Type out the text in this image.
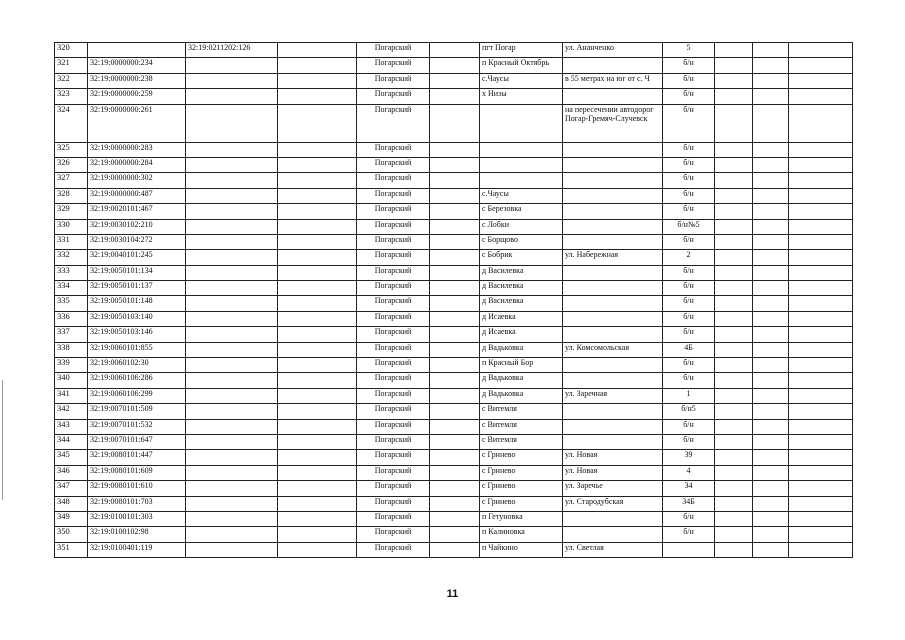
320		32:19:0211202:126		Погарский		пгт Погар	ул. Ананченко	5			
321	32:19:0000000:234			Погарский		п Красный Октябрь		б/н			
322	32:19:0000000:238			Погарский		с.Чаусы	в 55 метрах на юг от с. Ч	б/н			
323	32:19:0000000:259			Погарский		х Низы		б/н			
324	32:19:0000000:261			Погарский			на пересечении автодорог Погар-Гремяч-Случевск	б/н			
325	32:19:0000000:283			Погарский				б/н			
326	32:19:0000000:284			Погарский				б/н			
327	32:19:0000000:302			Погарский				б/н			
328	32:19:0000000:487			Погарский		с.Чаусы		б/н			
329	32:19:0020101:467			Погарский		с Березовка		б/н			
330	32:19:0030102:210			Погарский		с Лобки		б/н№5			
331	32:19:0030104:272			Погарский		с Борщово		б/н			
332	32:19:0040101:245			Погарский		с Бобрик	ул. Набережная	2			
333	32:19:0050101:134			Погарский		д Василевка		б/н			
334	32:19:0050101:137			Погарский		д Василевка		б/н			
335	32:19:0050101:148			Погарский		д Василевка		б/н			
336	32:19:0050103:140			Погарский		д Исаевка		б/н			
337	32:19:0050103:146			Погарский		д Исаевка		б/н			
338	32:19:0060101:855			Погарский		д Вадьковка	ул. Комсомольская	4Б			
339	32:19:0060102:30			Погарский		п Красный Бор		б/н			
340	32:19:0060106:286			Погарский		д Вадьковка		б/н			
341	32:19:0060106:299			Погарский		д Вадьковка	ул. Заречная	1			
342	32:19:0070101:509			Погарский		с Витемля		б/н5			
343	32:19:0070101:532			Погарский		с Витемля		б/н			
344	32:19:0070101:647			Погарский		с Витемля		б/н			
345	32:19:0080101:447			Погарский		с Гринево	ул. Новая	39			
346	32:19:0080101:609			Погарский		с Гринево	ул. Новая	4			
347	32:19:0080101:610			Погарский		с Гринево	ул. Заречье	34			
348	32:19:0080101:703			Погарский		с Гринево	ул. Стародубская	34Б			
349	32:19:0100101:303			Погарский		п Гетуновка		б/н			
350	32:19:0100102:98			Погарский		п Калиновка		б/н			
351	32:19:0100401:119			Погарский		п Чайкино	ул. Светлая				
11
